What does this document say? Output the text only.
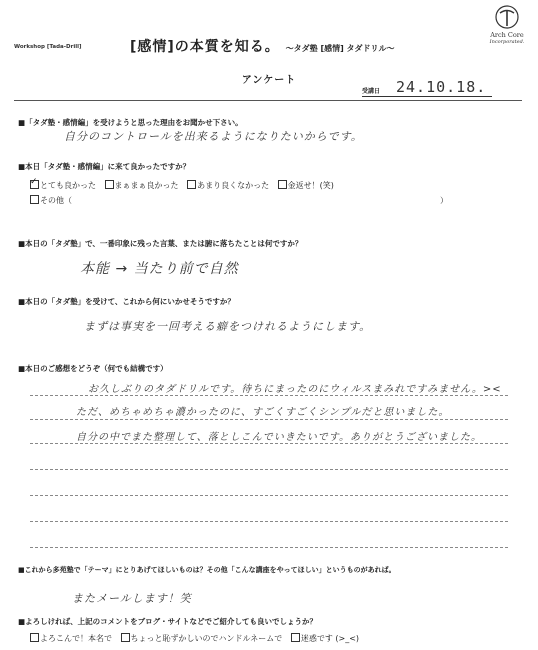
Workshop [Tada-Drill]	[感情]の本質を知る。 ～タダ塾 [感情] タダドリル～
Arch Core
Incorporated.
アンケート
受講日 24.10.18.
■「タダ塾・感情編」を受けようと思った理由をお聞かせ下さい。
自分のコントロールを出来るようになりたいからです。
■本日「タダ塾・感情編」に来て良かったですか？
✓とても良かった まぁまぁ良かった あまり良くなかった 金返せ！(笑)
その他（	）
■本日の「タダ塾」で、一番印象に残った言葉、または腑に落ちたことは何ですか？
本能 → 当たり前で自然
■本日の「タダ塾」を受けて、これから何にいかせそうですか？
まずは事実を一回考える癖をつけれるようにします。
■本日のご感想をどうぞ（何でも結構です）
お久しぶりのタダドリルです。待ちにまったのにウィルスまみれですみません。><
ただ、めちゃめちゃ濃かったのに、すごくすごくシンプルだと思いました。
自分の中でまた整理して、落としこんでいきたいです。ありがとうございました。
■これから多苑塾で「テーマ」にとりあげてほしいものは？その他「こんな講座をやってほしい」というものがあれば。
またメールします！笑
■よろしければ、上記のコメントをブログ・サイトなどでご紹介しても良いでしょうか？
よろこんで！本名で ちょっと恥ずかしいのでハンドルネームで 迷惑です (>_<)
